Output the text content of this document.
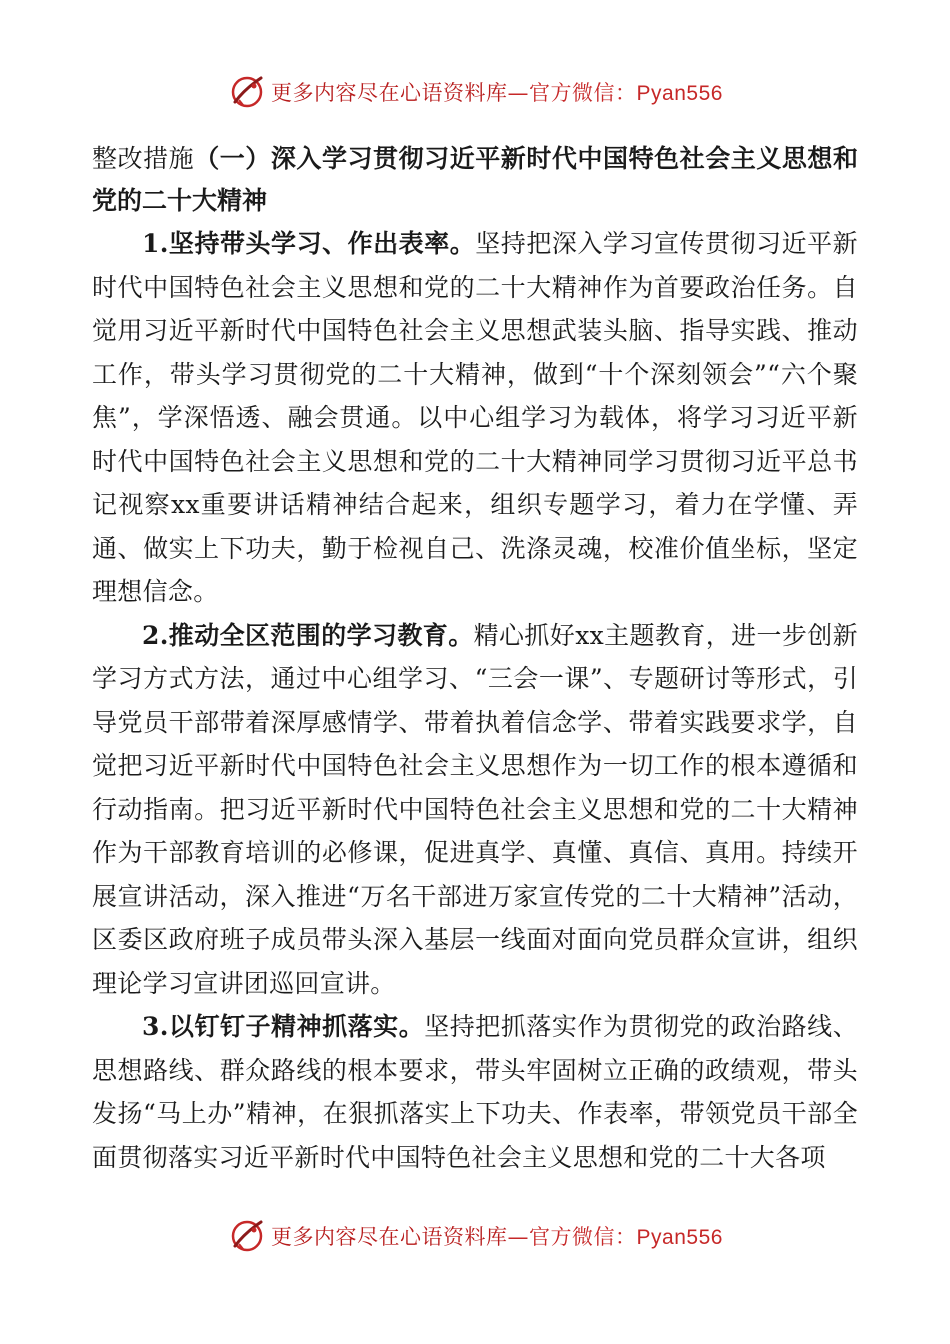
更多内容尽在心语资料库—官方微信：Pyan556

整改措施（一）深入学习贯彻习近平新时代中国特色社会主义思想和党的二十大精神

1.坚持带头学习、作出表率。坚持把深入学习宣传贯彻习近平新时代中国特色社会主义思想和党的二十大精神作为首要政治任务。自觉用习近平新时代中国特色社会主义思想武装头脑、指导实践、推动工作，带头学习贯彻党的二十大精神，做到“十个深刻领会”“六个聚焦”，学深悟透、融会贯通。以中心组学习为载体，将学习习近平新时代中国特色社会主义思想和党的二十大精神同学习贯彻习近平总书记视察xx重要讲话精神结合起来，组织专题学习，着力在学懂、弄通、做实上下功夫，勤于检视自己、洗涤灵魂，校准价值坐标，坚定理想信念。

2.推动全区范围的学习教育。精心抓好xx主题教育，进一步创新学习方式方法，通过中心组学习、“三会一课”、专题研讨等形式，引导党员干部带着深厚感情学、带着执着信念学、带着实践要求学，自觉把习近平新时代中国特色社会主义思想作为一切工作的根本遵循和行动指南。把习近平新时代中国特色社会主义思想和党的二十大精神作为干部教育培训的必修课，促进真学、真懂、真信、真用。持续开展宣讲活动，深入推进“万名干部进万家宣传党的二十大精神”活动，区委区政府班子成员带头深入基层一线面对面向党员群众宣讲，组织理论学习宣讲团巡回宣讲。

3.以钉钉子精神抓落实。坚持把抓落实作为贯彻党的政治路线、思想路线、群众路线的根本要求，带头牢固树立正确的政绩观，带头发扬“马上办”精神，在狠抓落实上下功夫、作表率，带领党员干部全面贯彻落实习近平新时代中国特色社会主义思想和党的二十大各项

更多内容尽在心语资料库—官方微信：Pyan556
